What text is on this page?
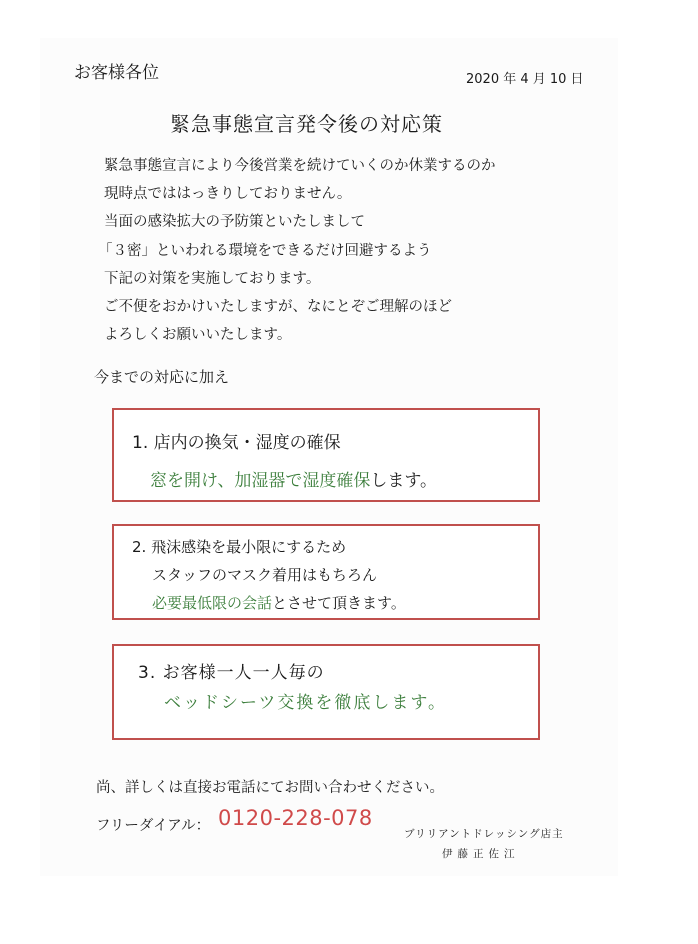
お客様各位	2020 年 4 月 10 日
緊急事態宣言発令後の対応策
緊急事態宣言により今後営業を続けていくのか休業するのか
現時点でははっきりしておりません。
当面の感染拡大の予防策といたしまして
「３密」といわれる環境をできるだけ回避するよう
下記の対策を実施しております。
ご不便をおかけいたしますが、なにとぞご理解のほど
よろしくお願いいたします。
今までの対応に加え
1. 店内の換気・湿度の確保
窓を開け、加湿器で湿度確保します。
2. 飛沫感染を最小限にするため
スタッフのマスク着用はもちろん
必要最低限の会話とさせて頂きます。
3. お客様一人一人毎の
ベッドシーツ交換を徹底します。
尚、詳しくは直接お電話にてお問い合わせください。
フリーダイアル： 0120-228-078
ブリリアントドレッシング店主
伊藤正佐江
